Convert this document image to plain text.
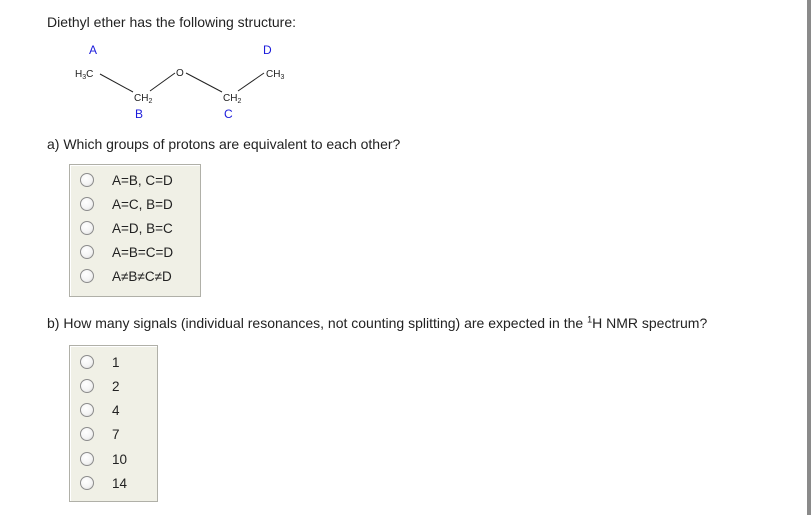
Diethyl ether has the following structure:
A	D
B	C
$H_3C$
$CH_2$
O
$CH_2$
$CH_3$
a) Which groups of protons are equivalent to each other?
A=B, C=D
A=C, B=D
A=D, B=C
A=B=C=D
A≠B≠C≠D
b) How many signals (individual resonances, not counting splitting) are expected in the $^1$H NMR spectrum?
1
2
4
7
10
14
